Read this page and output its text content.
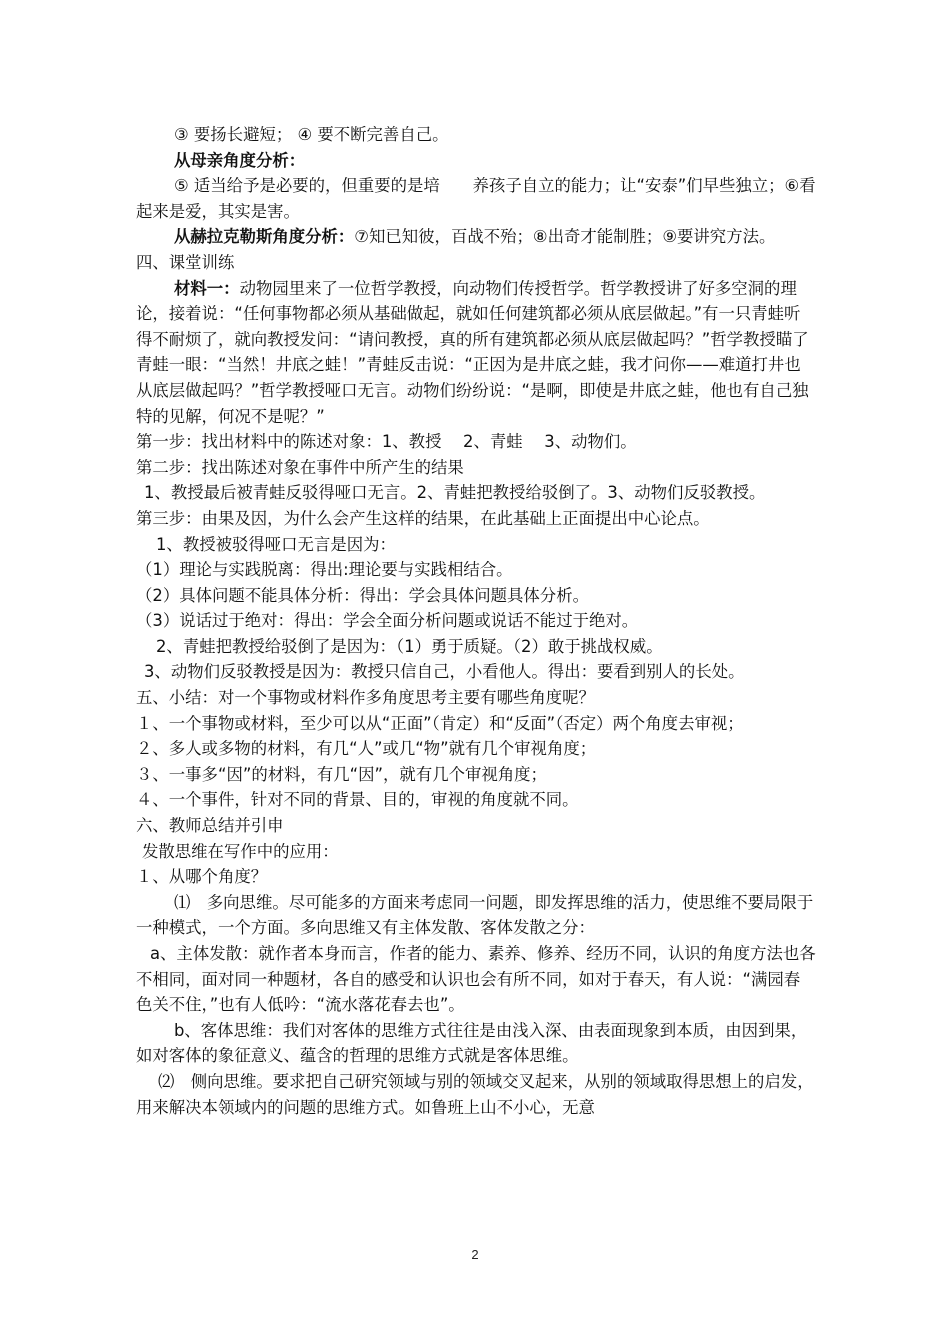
③ 要扬长避短； ④ 要不断完善自己。
从母亲角度分析：
⑤ 适当给予是必要的，但重要的是培　　养孩子自立的能力；让“安泰”们早些独立；⑥看起来是爱，其实是害。
从赫拉克勒斯角度分析：⑦知已知彼，百战不殆；⑧出奇才能制胜；⑨要讲究方法。
四、课堂训练
材料一：动物园里来了一位哲学教授，向动物们传授哲学。哲学教授讲了好多空洞的理论，接着说：“任何事物都必须从基础做起，就如任何建筑都必须从底层做起。”有一只青蛙听得不耐烦了，就向教授发问：“请问教授，真的所有建筑都必须从底层做起吗？”哲学教授瞄了青蛙一眼：“当然！井底之蛙！”青蛙反击说：“正因为是井底之蛙，我才问你——难道打井也从底层做起吗？”哲学教授哑口无言。动物们纷纷说：“是啊，即使是井底之蛙，他也有自己独特的见解，何况不是呢？”
第一步：找出材料中的陈述对象：1、教授　 2、青蛙　 3、动物们。
第二步：找出陈述对象在事件中所产生的结果
1、教授最后被青蛙反驳得哑口无言。2、青蛙把教授给驳倒了。3、动物们反驳教授。
第三步：由果及因，为什么会产生这样的结果，在此基础上正面提出中心论点。
1、教授被驳得哑口无言是因为：
（1）理论与实践脱离：得出:理论要与实践相结合。
（2）具体问题不能具体分析：得出：学会具体问题具体分析。
（3）说话过于绝对：得出：学会全面分析问题或说话不能过于绝对。
2、青蛙把教授给驳倒了是因为：（1）勇于质疑。（2）敢于挑战权威。
3、动物们反驳教授是因为：教授只信自己，小看他人。得出：要看到别人的长处。
五、小结：对一个事物或材料作多角度思考主要有哪些角度呢？
１、一个事物或材料，至少可以从“正面”（肯定）和“反面”（否定）两个角度去审视；
２、多人或多物的材料，有几“人”或几“物”就有几个审视角度；
３、一事多“因”的材料，有几“因”，就有几个审视角度；
４、一个事件，针对不同的背景、目的，审视的角度就不同。
六、教师总结并引申
发散思维在写作中的应用：
１、从哪个角度？
⑴　多向思维。尽可能多的方面来考虑同一问题，即发挥思维的活力，使思维不要局限于一种模式，一个方面。多向思维又有主体发散、客体发散之分：
a、主体发散：就作者本身而言，作者的能力、素养、修养、经历不同，认识的角度方法也各不相同，面对同一种题材，各自的感受和认识也会有所不同，如对于春天，有人说：“满园春色关不住，”也有人低吟：“流水落花春去也”。
b、客体思维：我们对客体的思维方式往往是由浅入深、由表面现象到本质，由因到果，如对客体的象征意义、蕴含的哲理的思维方式就是客体思维。
⑵　侧向思维。要求把自己研究领域与别的领域交叉起来，从别的领域取得思想上的启发，用来解决本领域内的问题的思维方式。如鲁班上山不小心，无意
2
